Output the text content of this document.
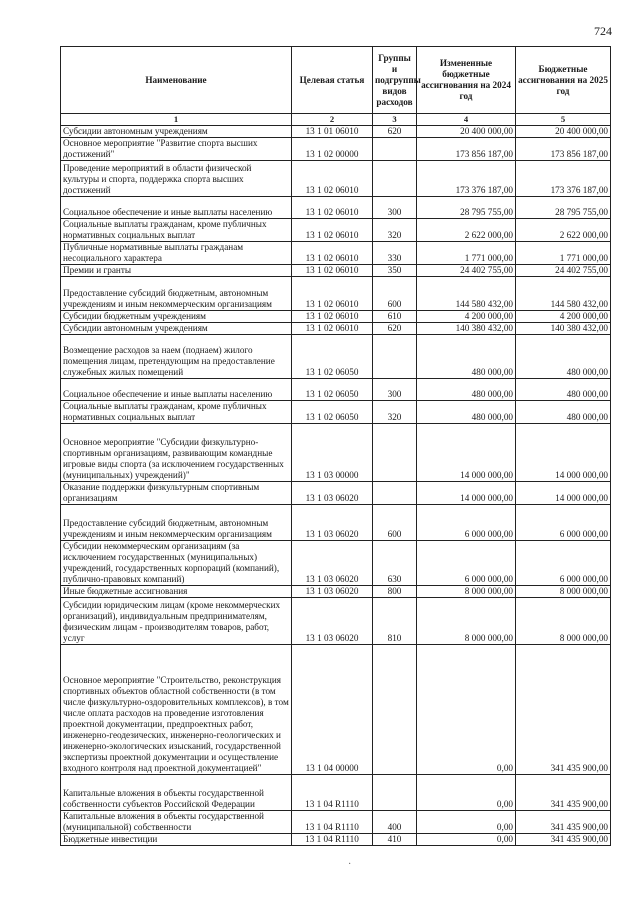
724
Наименование	Целевая статья	Группы и подгруппы видов расходов	Измененные бюджетные ассигнования на 2024 год	Бюджетные ассигнования на 2025 год
1	2	3	4	5
Субсидии автономным учреждениям	13 1 01 06010	620	20 400 000,00	20 400 000,00
Основное мероприятие "Развитие спорта высших достижений"	13 1 02 00000		173 856 187,00	173 856 187,00
Проведение мероприятий в области физической культуры и спорта, поддержка спорта высших достижений	13 1 02 06010		173 376 187,00	173 376 187,00
Социальное обеспечение и иные выплаты населению	13 1 02 06010	300	28 795 755,00	28 795 755,00
Социальные выплаты гражданам, кроме публичных нормативных социальных выплат	13 1 02 06010	320	2 622 000,00	2 622 000,00
Публичные нормативные выплаты гражданам несоциального характера	13 1 02 06010	330	1 771 000,00	1 771 000,00
Премии и гранты	13 1 02 06010	350	24 402 755,00	24 402 755,00
Предоставление субсидий бюджетным, автономным учреждениям и иным некоммерческим организациям	13 1 02 06010	600	144 580 432,00	144 580 432,00
Субсидии бюджетным учреждениям	13 1 02 06010	610	4 200 000,00	4 200 000,00
Субсидии автономным учреждениям	13 1 02 06010	620	140 380 432,00	140 380 432,00
Возмещение расходов за наем (поднаем) жилого помещения лицам, претендующим на предоставление служебных жилых помещений	13 1 02 06050		480 000,00	480 000,00
Социальное обеспечение и иные выплаты населению	13 1 02 06050	300	480 000,00	480 000,00
Социальные выплаты гражданам, кроме публичных нормативных социальных выплат	13 1 02 06050	320	480 000,00	480 000,00
Основное мероприятие "Субсидии физкультурно-спортивным организациям, развивающим командные игровые виды спорта (за исключением государственных (муниципальных) учреждений)"	13 1 03 00000		14 000 000,00	14 000 000,00
Оказание поддержки физкультурным спортивным организациям	13 1 03 06020		14 000 000,00	14 000 000,00
Предоставление субсидий бюджетным, автономным учреждениям и иным некоммерческим организациям	13 1 03 06020	600	6 000 000,00	6 000 000,00
Субсидии некоммерческим организациям (за исключением государственных (муниципальных) учреждений, государственных корпораций (компаний), публично-правовых компаний)	13 1 03 06020	630	6 000 000,00	6 000 000,00
Иные бюджетные ассигнования	13 1 03 06020	800	8 000 000,00	8 000 000,00
Субсидии юридическим лицам (кроме некоммерческих организаций), индивидуальным предпринимателям, физическим лицам - производителям товаров, работ, услуг	13 1 03 06020	810	8 000 000,00	8 000 000,00
Основное мероприятие "Строительство, реконструкция спортивных объектов областной собственности (в том числе физкультурно-оздоровительных комплексов), в том числе оплата расходов на проведение изготовления проектной документации, предпроектных работ, инженерно-геодезических, инженерно-геологических и инженерно-экологических изысканий, государственной экспертизы проектной документации и осуществление входного контроля над проектной документацией"	13 1 04 00000		0,00	341 435 900,00
Капитальные вложения в объекты государственной собственности субъектов Российской Федерации	13 1 04 R1110		0,00	341 435 900,00
Капитальные вложения в объекты государственной (муниципальной) собственности	13 1 04 R1110	400	0,00	341 435 900,00
Бюджетные инвестиции	13 1 04 R1110	410	0,00	341 435 900,00
·
